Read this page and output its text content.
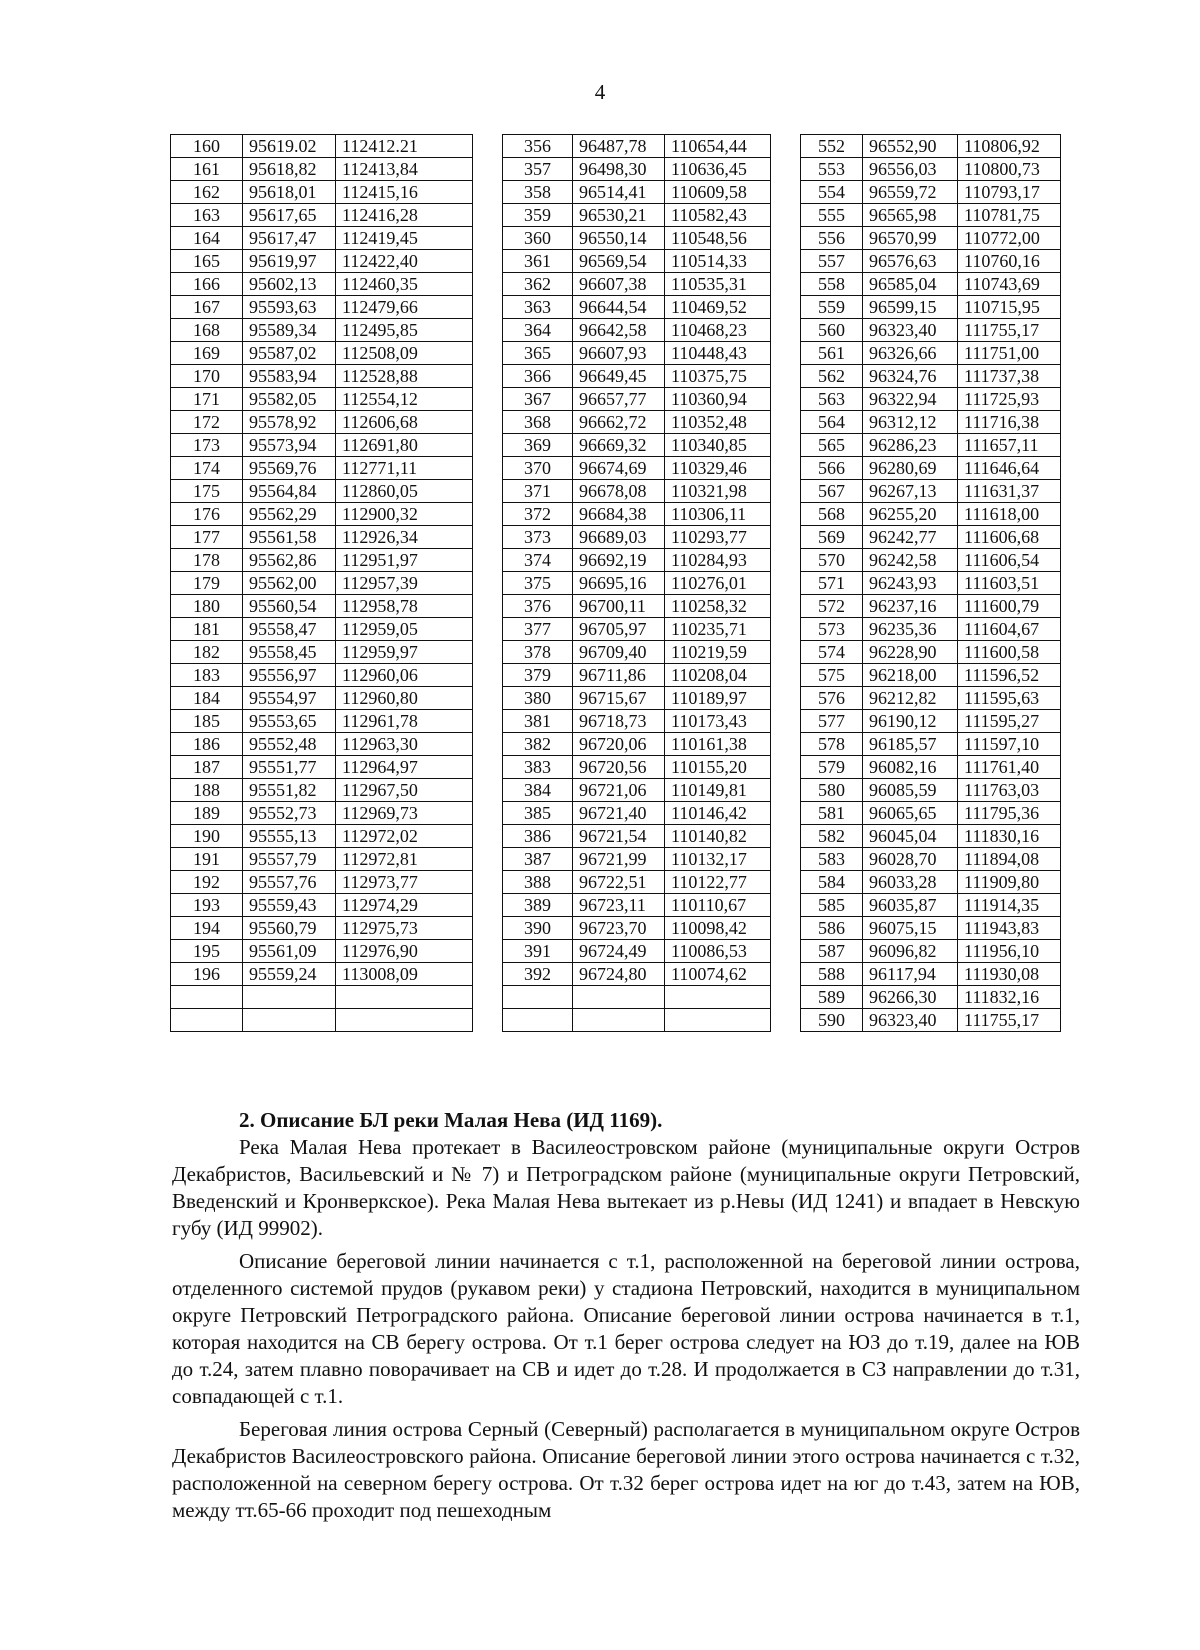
4
160	95619.02	112412.21		356	96487,78	110654,44		552	96552,90	110806,92
161	95618,82	112413,84		357	96498,30	110636,45		553	96556,03	110800,73
162	95618,01	112415,16		358	96514,41	110609,58		554	96559,72	110793,17
163	95617,65	112416,28		359	96530,21	110582,43		555	96565,98	110781,75
164	95617,47	112419,45		360	96550,14	110548,56		556	96570,99	110772,00
165	95619,97	112422,40		361	96569,54	110514,33		557	96576,63	110760,16
166	95602,13	112460,35		362	96607,38	110535,31		558	96585,04	110743,69
167	95593,63	112479,66		363	96644,54	110469,52		559	96599,15	110715,95
168	95589,34	112495,85		364	96642,58	110468,23		560	96323,40	111755,17
169	95587,02	112508,09		365	96607,93	110448,43		561	96326,66	111751,00
170	95583,94	112528,88		366	96649,45	110375,75		562	96324,76	111737,38
171	95582,05	112554,12		367	96657,77	110360,94		563	96322,94	111725,93
172	95578,92	112606,68		368	96662,72	110352,48		564	96312,12	111716,38
173	95573,94	112691,80		369	96669,32	110340,85		565	96286,23	111657,11
174	95569,76	112771,11		370	96674,69	110329,46		566	96280,69	111646,64
175	95564,84	112860,05		371	96678,08	110321,98		567	96267,13	111631,37
176	95562,29	112900,32		372	96684,38	110306,11		568	96255,20	111618,00
177	95561,58	112926,34		373	96689,03	110293,77		569	96242,77	111606,68
178	95562,86	112951,97		374	96692,19	110284,93		570	96242,58	111606,54
179	95562,00	112957,39		375	96695,16	110276,01		571	96243,93	111603,51
180	95560,54	112958,78		376	96700,11	110258,32		572	96237,16	111600,79
181	95558,47	112959,05		377	96705,97	110235,71		573	96235,36	111604,67
182	95558,45	112959,97		378	96709,40	110219,59		574	96228,90	111600,58
183	95556,97	112960,06		379	96711,86	110208,04		575	96218,00	111596,52
184	95554,97	112960,80		380	96715,67	110189,97		576	96212,82	111595,63
185	95553,65	112961,78		381	96718,73	110173,43		577	96190,12	111595,27
186	95552,48	112963,30		382	96720,06	110161,38		578	96185,57	111597,10
187	95551,77	112964,97		383	96720,56	110155,20		579	96082,16	111761,40
188	95551,82	112967,50		384	96721,06	110149,81		580	96085,59	111763,03
189	95552,73	112969,73		385	96721,40	110146,42		581	96065,65	111795,36
190	95555,13	112972,02		386	96721,54	110140,82		582	96045,04	111830,16
191	95557,79	112972,81		387	96721,99	110132,17		583	96028,70	111894,08
192	95557,76	112973,77		388	96722,51	110122,77		584	96033,28	111909,80
193	95559,43	112974,29		389	96723,11	110110,67		585	96035,87	111914,35
194	95560,79	112975,73		390	96723,70	110098,42		586	96075,15	111943,83
195	95561,09	112976,90		391	96724,49	110086,53		587	96096,82	111956,10
196	95559,24	113008,09		392	96724,80	110074,62		588	96117,94	111930,08
								589	96266,30	111832,16
								590	96323,40	111755,17
2. Описание БЛ реки Малая Нева (ИД 1169).

Река Малая Нева протекает в Василеостровском районе (муниципальные округи Остров Декабристов, Васильевский и № 7) и Петроградском районе (муниципальные округи Петровский, Введенский и Кронверкское). Река Малая Нева вытекает из р.Невы (ИД 1241) и впадает в Невскую губу (ИД 99902).

Описание береговой линии начинается с т.1, расположенной на береговой линии острова, отделенного системой прудов (рукавом реки) у стадиона Петровский, находится в муниципальном округе Петровский Петроградского района. Описание береговой линии острова начинается в т.1, которая находится на СВ берегу острова. От т.1 берег острова следует на ЮЗ до т.19, далее на ЮВ до т.24, затем плавно поворачивает на СВ и идет до т.28. И продолжается в СЗ направлении до т.31, совпадающей с т.1.

Береговая линия острова Серный (Северный) располагается в муниципальном округе Остров Декабристов Василеостровского района. Описание береговой линии этого острова начинается с т.32, расположенной на северном берегу острова. От т.32 берег острова идет на юг до т.43, затем на ЮВ, между тт.65-66 проходит под пешеходным
